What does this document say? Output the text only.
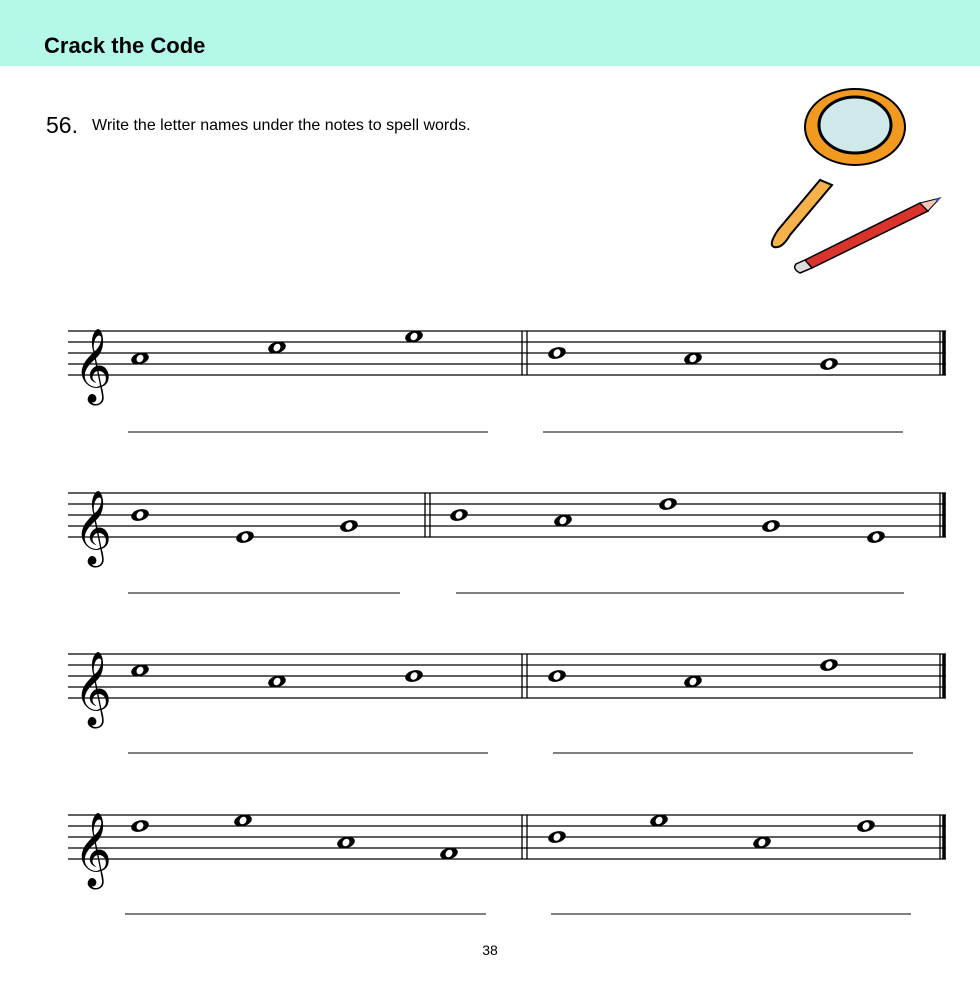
Crack the Code
56. Write the letter names under the notes to spell words.
𝄞
𝄞
𝄞
𝄞
38
